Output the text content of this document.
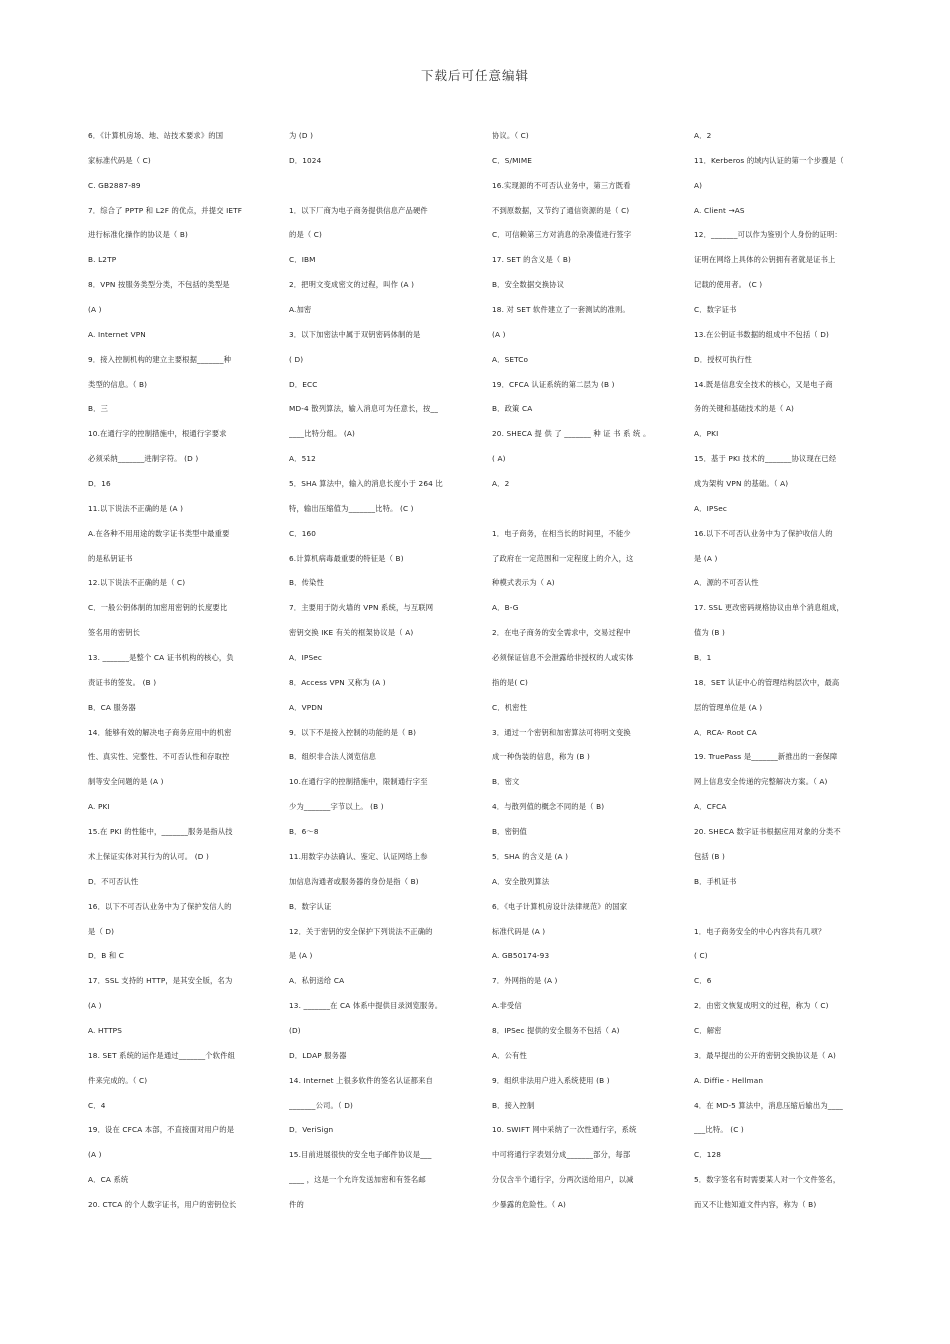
下载后可任意编辑
6．《计算机房场、地、站技术要求》的国
家标准代码是（ C)
C. GB2887-89
7．综合了 PPTP 和 L2F 的优点，并提交 IETF
进行标准化操作的协议是（ B)
B. L2TP
8．VPN 按服务类型分类，不包括的类型是
(A )
A. Internet VPN
9．接入控制机构的建立主要根据_______种
类型的信息。（ B)
B．三
10.在通行字的控制措施中，根通行字要求
必须采纳_______进制字符。 (D )
D．16
11.以下说法不正确的是 (A )
A.在各种不用用途的数字证书类型中最重要
的是私钥证书
12.以下说法不正确的是（ C)
C．一般公钥体制的加密用密钥的长度要比
签名用的密钥长
13. _______是整个 CA 证书机构的核心，负
责证书的签发。 (B )
B．CA 服务器
14．能够有效的解决电子商务应用中的机密
性、真实性、完整性、不可否认性和存取控
制等安全问题的是 (A )
A. PKI
15.在 PKI 的性能中，_______服务是指从技
术上保证实体对其行为的认可。 (D )
D．不可否认性
16．以下不可否认业务中为了保护发信人的
是（ D)
D．B 和 C
17．SSL 支持的 HTTP，是其安全版，名为
(A )
A. HTTPS
18. SET 系统的运作是通过_______个软件组
件来完成的。（ C)
C．4
19．设在 CFCA 本部，不直接面对用户的是
(A )
A．CA 系统
20. CTCA 的个人数字证书，用户的密钥位长
为 (D )
D．1024
1．以下厂商为电子商务提供信息产品硬件
的是（ C)
C．IBM
2．把明文变成密文的过程，叫作 (A )
A.加密
3．以下加密法中属于双钥密码体制的是
( D)
D．ECC
MD-4 散列算法，输入消息可为任意长，按__
____比特分组。 (A)
A．512
5．SHA 算法中，输入的消息长度小于 264 比
特，输出压缩值为_______比特。 (C )
C．160
6.计算机病毒最重要的特征是（ B)
B．传染性
7．主要用于防火墙的 VPN 系统，与互联网
密钥交换 IKE 有关的框架协议是（ A)
A．IPSec
8．Access VPN 又称为 (A )
A．VPDN
9．以下不是接入控制的功能的是（ B)
B．组织非合法人浏览信息
10.在通行字的控制措施中，限制通行字至
少为_______字节以上。 (B )
B．6～8
11.用数字办法确认、鉴定、认证网络上参
加信息沟通者或服务器的身份是指（ B)
B．数字认证
12．关于密钥的安全保护下列说法不正确的
是 (A )
A．私钥送给 CA
13. _______在 CA 体系中提供目录浏览服务。
(D)
D．LDAP 服务器
14. Internet 上很多软件的签名认证都来自
_______公司。（ D)
D．VeriSign
15.目前进展很快的安全电子邮件协议是___
____ ，这是一个允许发送加密和有签名邮
件的
协议。（ C)
C．S/MIME
16.实现源的不可否认业务中，第三方既看
不到原数据，又节约了通信资源的是（ C)
C．可信赖第三方对消息的杂凑值进行签字
17. SET 的含义是（ B)
B．安全数据交换协议
18. 对 SET 软件建立了一套测试的准则。
(A )
A．SETCo
19．CFCA 认证系统的第二层为 (B )
B．政策 CA
20. SHECA 提 供 了 _______ 种 证 书 系 统 。
( A)
A．2
1．电子商务，在相当长的时间里，不能少
了政府在一定范围和一定程度上的介入，这
种模式表示为（ A)
A．B-G
2．在电子商务的安全需求中，交易过程中
必须保证信息不会泄露给非授权的人或实体
指的是( C)
C．机密性
3．通过一个密钥和加密算法可将明文变换
成一种伪装的信息，称为 (B )
B．密文
4．与散列值的概念不同的是（ B)
B．密钥值
5．SHA 的含义是 (A )
A．安全散列算法
6．《电子计算机房设计法律规范》的国家
标准代码是 (A )
A. GB50174-93
7．外网指的是 (A )
A.非受信
8．IPSec 提供的安全服务不包括（ A)
A．公有性
9．组织非法用户进入系统使用 (B )
B．接入控制
10. SWIFT 网中采纳了一次性通行字，系统
中可将通行字表划分成_______部分，每部
分仅含半个通行字，分两次送给用户，以减
少暴露的危险性。（ A)
A．2
11．Kerberos 的域内认证的第一个步骤是（
A)
A. Client →AS
12．_______可以作为鉴别个人身份的证明：
证明在网络上具体的公钥拥有者就是证书上
记载的使用者。 (C )
C．数字证书
13.在公钥证书数据的组成中不包括（ D)
D．授权可执行性
14.既是信息安全技术的核心，又是电子商
务的关键和基础技术的是（ A)
A．PKI
15．基于 PKI 技术的_______协议现在已经
成为架构 VPN 的基础。（ A)
A．IPSec
16.以下不可否认业务中为了保护收信人的
是 (A )
A．源的不可否认性
17. SSL 更改密码规格协议由单个消息组成，
值为 (B )
B．1
18．SET 认证中心的管理结构层次中，最高
层的管理单位是 (A )
A．RCA- Root CA
19. TruePass 是_______新推出的一套保障
网上信息安全传递的完整解决方案。（ A)
A．CFCA
20. SHECA 数字证书根据应用对象的分类不
包括 (B )
B．手机证书
1．电子商务安全的中心内容共有几项？
( C)
C．6
2．由密文恢复成明文的过程，称为（ C)
C．解密
3．最早提出的公开的密钥交换协议是（ A)
A. Diffie - Hellman
4．在 MD-5 算法中，消息压缩后输出为____
___比特。 (C )
C．128
5．数字签名有时需要某人对一个文件签名，
而又不让他知道文件内容，称为（ B)
